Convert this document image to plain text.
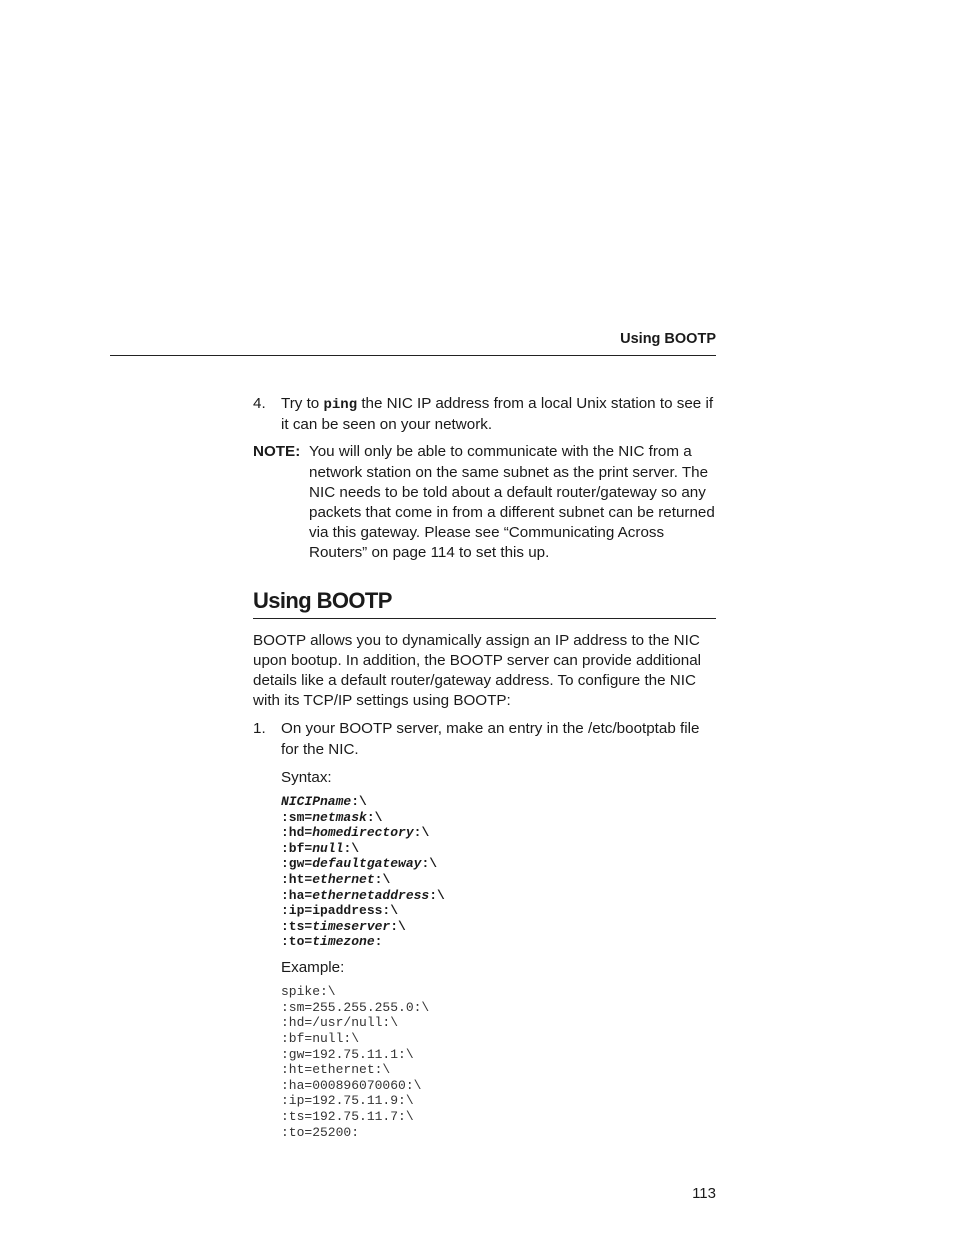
Using BOOTP
4. Try to ping the NIC IP address from a local Unix station to see if it can be seen on your network.
NOTE: You will only be able to communicate with the NIC from a network station on the same subnet as the print server. The NIC needs to be told about a default router/gateway so any packets that come in from a different subnet can be returned via this gateway. Please see “Communicating Across Routers” on page 114 to set this up.
Using BOOTP

BOOTP allows you to dynamically assign an IP address to the NIC upon bootup. In addition, the BOOTP server can provide additional details like a default router/gateway address. To configure the NIC with its TCP/IP settings using BOOTP:

1. On your BOOTP server, make an entry in the /etc/bootptab file for the NIC.
Syntax:
NICIPname:\
:sm=netmask:\
:hd=homedirectory:\
:bf=null:\
:gw=defaultgateway:\
:ht=ethernet:\
:ha=ethernetaddress:\
:ip=ipaddress:\
:ts=timeserver:\
:to=timezone:
Example:
spike:\
:sm=255.255.255.0:\
:hd=/usr/null:\
:bf=null:\
:gw=192.75.11.1:\
:ht=ethernet:\
:ha=000896070060:\
:ip=192.75.11.9:\
:ts=192.75.11.7:\
:to=25200:
113
